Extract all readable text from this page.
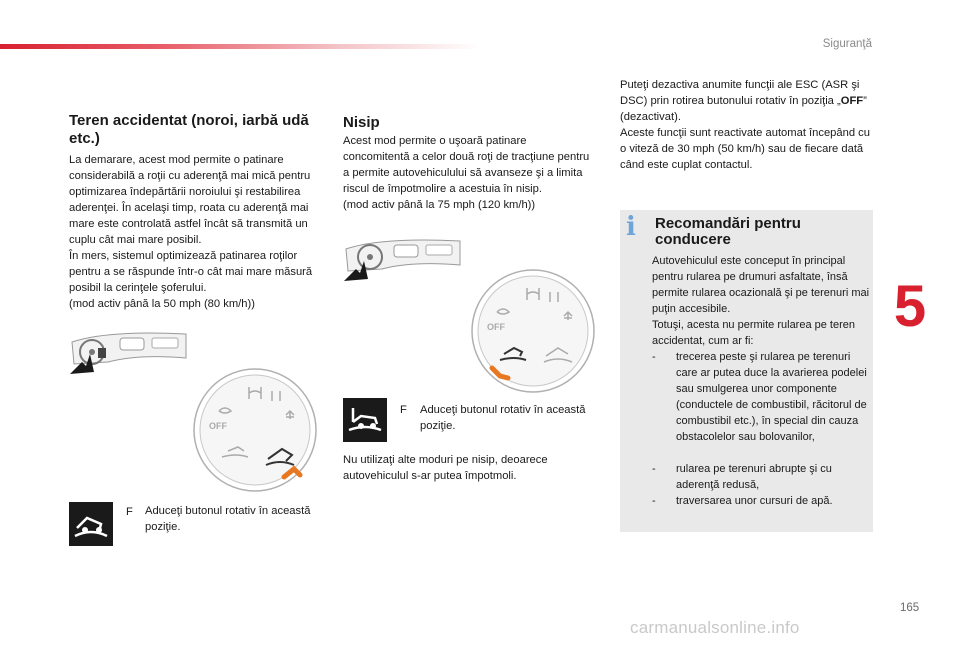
Siguranţă
5
Teren accidentat (noroi, iarbă udă etc.)
La demarare, acest mod permite o patinare considerabilă a roţii cu aderenţă mai mică pentru optimizarea îndepărtării noroiului şi restabilirea aderenţei. În acelaşi timp, roata cu aderenţă mai mare este controlată astfel încât să transmită un cuplu cât mai mare posibil.
În mers, sistemul optimizează patinarea roţilor pentru a se răspunde într-o cât mai mare măsură posibil la cerinţele şoferului.
(mod activ până la 50 mph (80 km/h))
OFF
F	Aduceţi butonul rotativ în această poziţie.
Nisip
Acest mod permite o uşoară patinare concomitentă a celor două roţi de tracţiune pentru a permite autovehiculului să avanseze şi a limita riscul de împotmolire a acestuia în nisip.
(mod activ până la 75 mph (120 km/h))
OFF
F	Aduceţi butonul rotativ în această poziţie.
Nu utilizaţi alte moduri pe nisip, deoarece autovehiculul s-ar putea împotmoli.
Puteţi dezactiva anumite funcţii ale ESC (ASR şi DSC) prin rotirea butonului rotativ în poziţia „OFF” (dezactivat).
Aceste funcţii sunt reactivate automat începând cu o viteză de 30 mph (50 km/h) sau de fiecare dată când este cuplat contactul.
i	Recomandări pentru conducere
Autovehiculul este conceput în principal pentru rularea pe drumuri asfaltate, însă permite rularea ocazională şi pe terenuri mai puţin accesibile.
Totuşi, acesta nu permite rularea pe teren accidentat, cum ar fi:
- trecerea peste şi rularea pe terenuri care ar putea duce la avarierea podelei sau smulgerea unor componente (conductele de combustibil, răcitorul de combustibil etc.), în special din cauza obstacolelor sau bolovanilor,
- rularea pe terenuri abrupte şi cu aderenţă redusă,
- traversarea unor cursuri de apă.
165
carmanualsonline.info
